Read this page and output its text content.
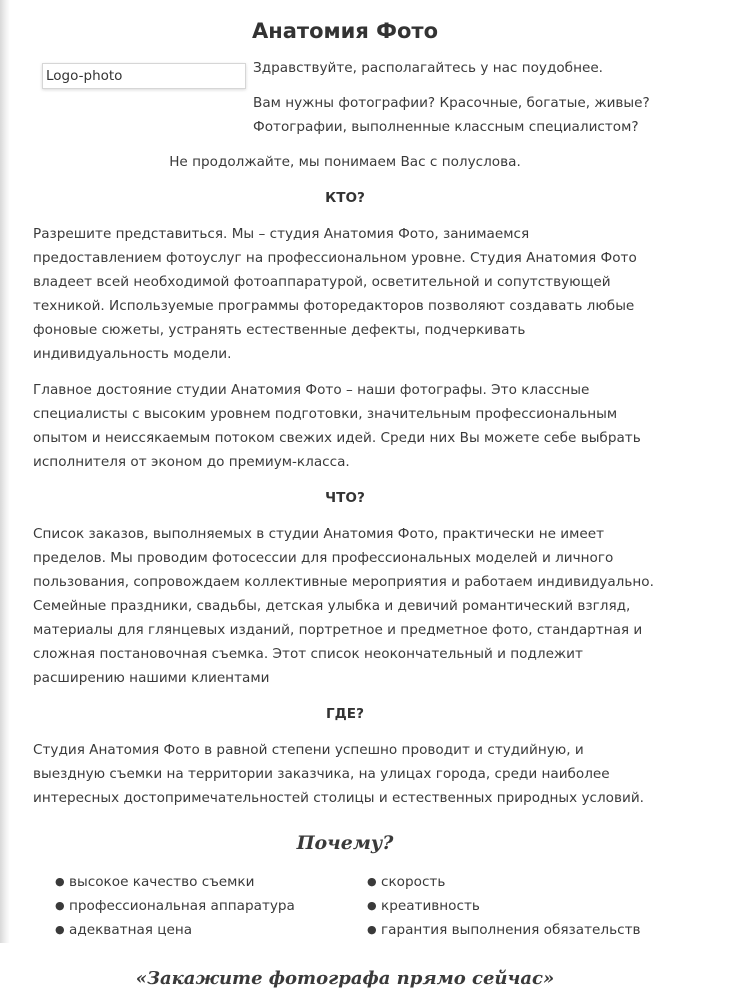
Анатомия Фото
Logo-photo	Здравствуйте, располагайтесь у нас поудобнее.

Вам нужны фотографии? Красочные, богатые, живые? Фотографии, выполненные классным специалистом?

Не продолжайте, мы понимаем Вас с полуслова.

КТО?

Разрешите представиться. Мы – студия Анатомия Фото, занимаемся предоставлением фотоуслуг на профессиональном уровне. Студия Анатомия Фото владеет всей необходимой фотоаппаратурой, осветительной и сопутствующей техникой. Используемые программы фоторедакторов позволяют создавать любые фоновые сюжеты, устранять естественные дефекты, подчеркивать индивидуальность модели.

Главное достояние студии Анатомия Фото – наши фотографы. Это классные специалисты с высоким уровнем подготовки, значительным профессиональным опытом и неиссякаемым потоком свежих идей. Среди них Вы можете себе выбрать исполнителя от эконом до премиум-класса.

ЧТО?

Список заказов, выполняемых в студии Анатомия Фото, практически не имеет пределов. Мы проводим фотосессии для профессиональных моделей и личного пользования, сопровождаем коллективные мероприятия и работаем индивидуально. Семейные праздники, свадьбы, детская улыбка и девичий романтический взгляд, материалы для глянцевых изданий, портретное и предметное фото, стандартная и сложная постановочная съемка. Этот список неокончательный и подлежит расширению нашими клиентами

ГДЕ?

Студия Анатомия Фото в равной степени успешно проводит и студийную, и выездную съемки на территории заказчика, на улицах города, среди наиболее интересных достопримечательностей столицы и естественных природных условий.

Почему?
● высокое качество съемки
● профессиональная аппаратура
● адекватная цена
● скорость
● креативность
● гарантия выполнения обязательств
«Закажите фотографа прямо сейчас»
